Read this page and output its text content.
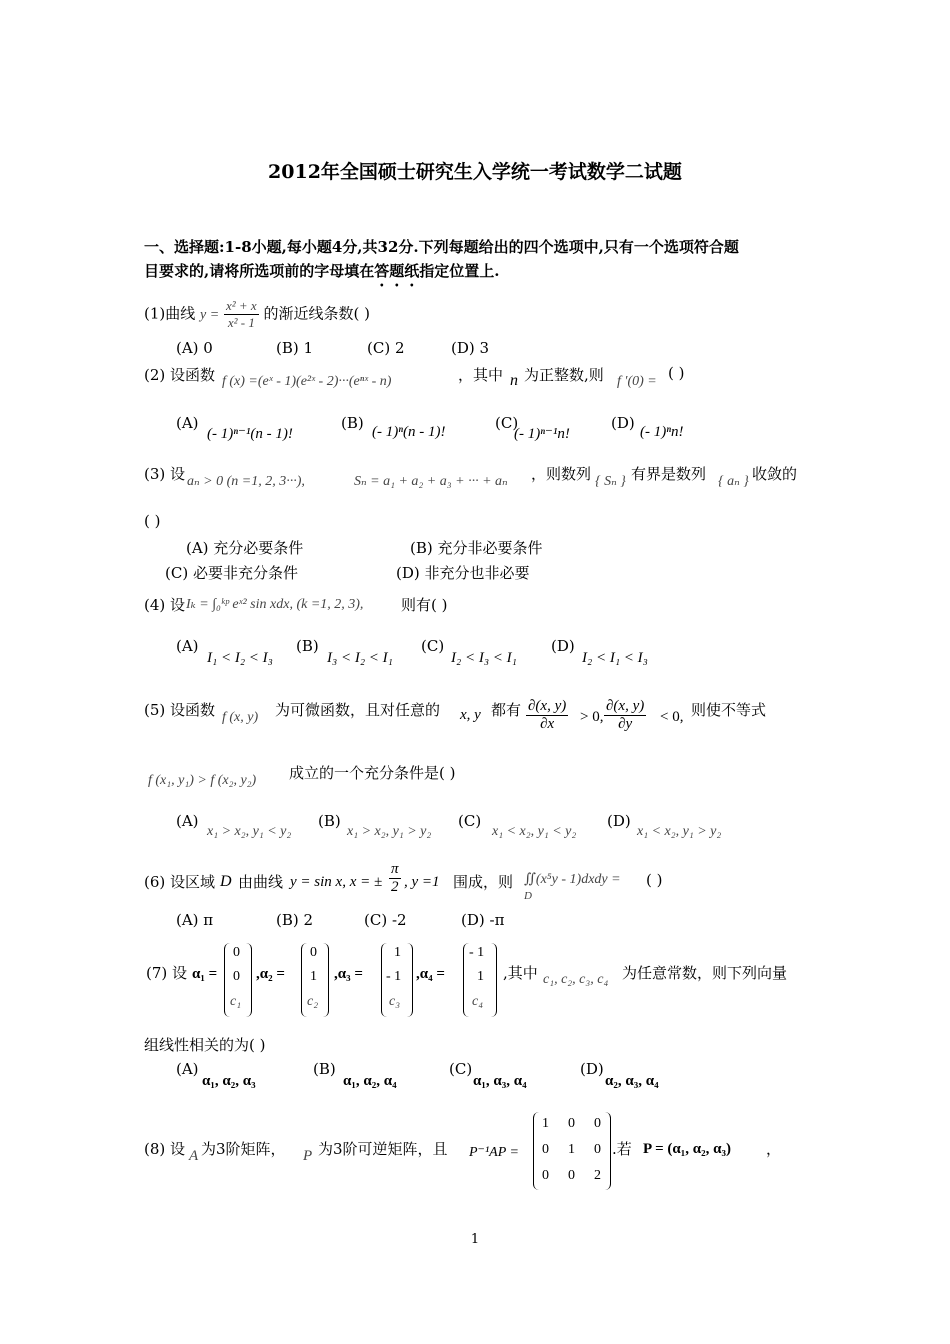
2012年全国硕士研究生入学统一考试数学二试题
一、选择题:1-8小题,每小题4分,共32分.下列每题给出的四个选项中,只有一个选项符合题
目要求的,请将所选项前的字母填在答题纸指定位置上.
(1)曲线 $y = \frac{\text{x² + x}}{\text{x² - 1}}$ 的渐近线条数( )
(A) 0	(B) 1	(C) 2	(D) 3
(2) 设函数 f (x) =(eˣ - 1)(e²ˣ - 2)···(eⁿˣ - n)	，其中 n 为正整数,则 f ′(0) = ( )
(A)
(- 1)ⁿ⁻¹(n - 1)!
(B) (- 1)ⁿ(n - 1)!	(C)
(- 1)ⁿ⁻¹n!
(D) (- 1)ⁿn!
(3) 设 aₙ > 0 (n =1, 2, 3···),	Sₙ = a₁ + a₂ + a₃ + ··· + aₙ ，则数列 { Sₙ } 有界是数列 { aₙ } 收敛的
( )
(A) 充分必要条件	(B) 充分非必要条件
(C) 必要非充分条件	(D) 非充分也非必要
(4) 设 Iₖ = ∫₀ᵏᵖ eˣ² sin xdx, (k =1, 2, 3),	则有( )
(A)
I₁ < I₂ < I₃
(B)
I₃ < I₂ < I₁
(C)
I₂ < I₃ < I₁
(D)
I₂ < I₁ < I₃
(5) 设函数 f (x, y) 为可微函数，且对任意的 x, y 都有 $\frac{\partial(x, y)}{\partial x} > 0$, $\frac{\partial(x, y)}{\partial y} < 0$, 则使不等式
f (x₁, y₁) > f (x₂, y₂) 成立的一个充分条件是( )
(A)
x₁ > x₂, y₁ < y₂
(B)
x₁ > x₂, y₁ > y₂
(C)
x₁ < x₂, y₁ < y₂
(D)
x₁ < x₂, y₁ > y₂
(6) 设区域 D 由曲线 y = sin x, x = ± $\frac{\pi}{2}$ , y =1 围成，则 ∬(x⁵y - 1)dxdy =
D
( )
(A) π	(B) 2	(C) -2	(D) -π
(7) 设 α₁ =
0
0
c₁
,α₂ =
0
1
c₂
,α₃ =
1
- 1
c₃
,α₄ =
- 1
1
c₄
,其中 c₁, c₂, c₃, c₄ 为任意常数，则下列向量
组线性相关的为( )
(A)
α₁, α₂, α₃
(B)
α₁, α₂, α₄
(C)
α₁, α₃, α₄
(D)
α₂, α₃, α₄
(8) 设 A 为3阶矩阵， P 为3阶可逆矩阵，且 P⁻¹AP =
1 0 0
0 1 0
0 0 2
.若 P = (α₁, α₂, α₃) ，
1
